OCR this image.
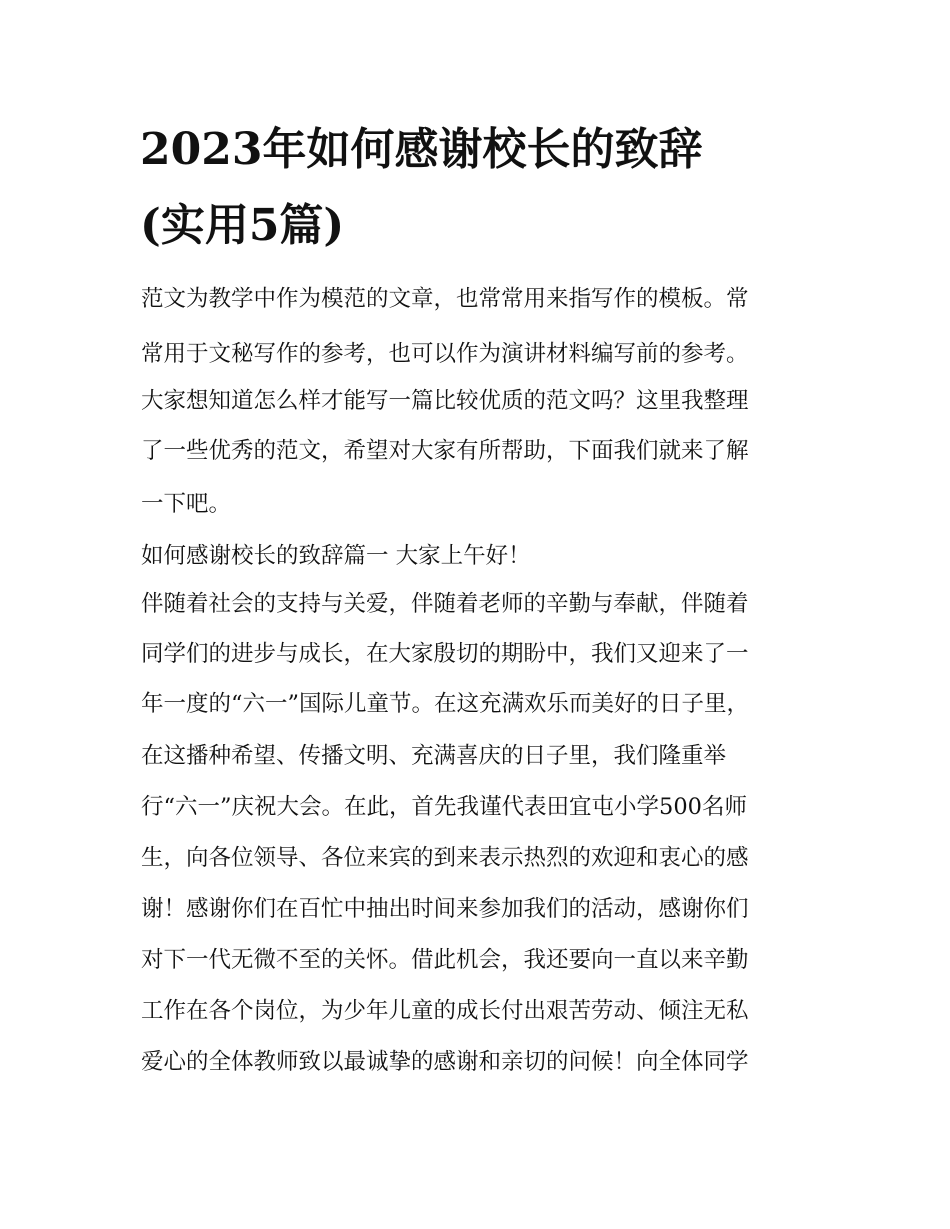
2023年如何感谢校长的致辞
(实用5篇)

范文为教学中作为模范的文章，也常常用来指写作的模板。常

常用于文秘写作的参考，也可以作为演讲材料编写前的参考。

大家想知道怎么样才能写一篇比较优质的范文吗？这里我整理

了一些优秀的范文，希望对大家有所帮助，下面我们就来了解

一下吧。

如何感谢校长的致辞篇一 大家上午好！

伴随着社会的支持与关爱，伴随着老师的辛勤与奉献，伴随着

同学们的进步与成长，在大家殷切的期盼中，我们又迎来了一

年一度的“六一”国际儿童节。在这充满欢乐而美好的日子里，

在这播种希望、传播文明、充满喜庆的日子里，我们隆重举

行“六一”庆祝大会。在此，首先我谨代表田宜屯小学500名师

生，向各位领导、各位来宾的到来表示热烈的欢迎和衷心的感

谢！感谢你们在百忙中抽出时间来参加我们的活动，感谢你们

对下一代无微不至的关怀。借此机会，我还要向一直以来辛勤

工作在各个岗位，为少年儿童的成长付出艰苦劳动、倾注无私

爱心的全体教师致以最诚挚的感谢和亲切的问候！向全体同学
